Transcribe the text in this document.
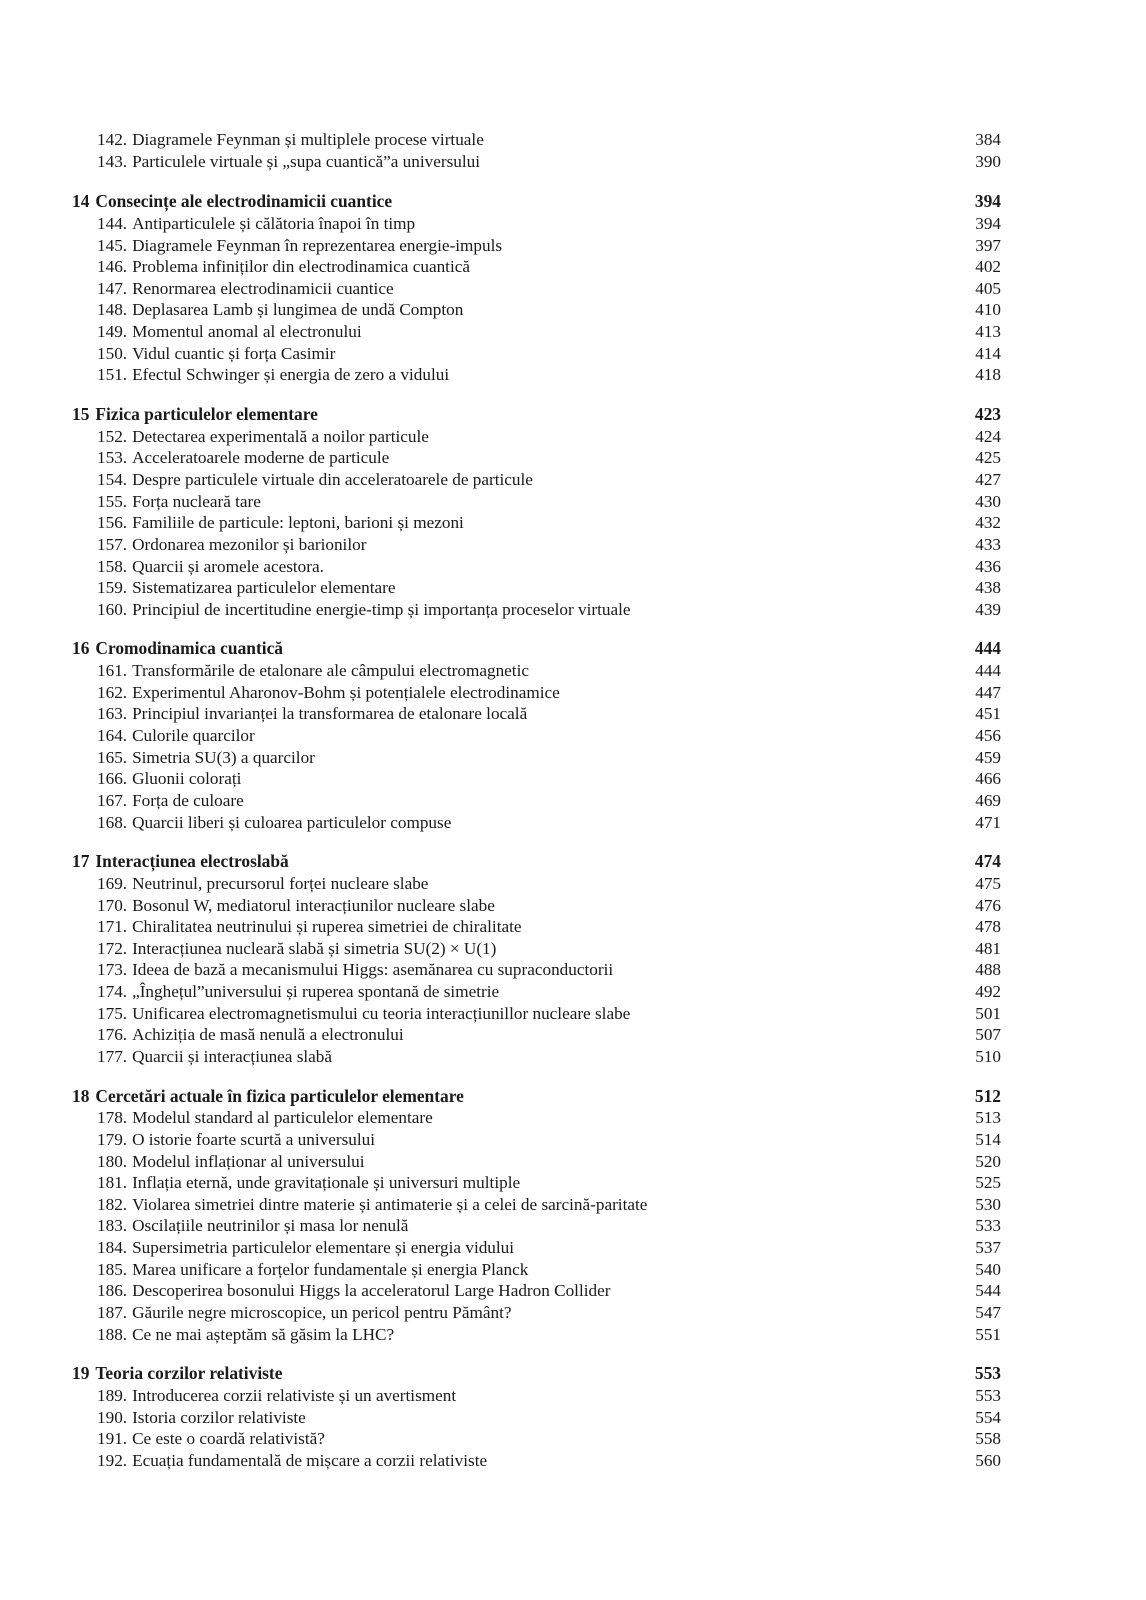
142. Diagramele Feynman și multiplele procese virtuale	384
143. Particulele virtuale și „supa cuantică”a universului	390
14 Consecințe ale electrodinamicii cuantice	394
144. Antiparticulele și călătoria înapoi în timp	394
145. Diagramele Feynman în reprezentarea energie-impuls	397
146. Problema infiniților din electrodinamica cuantică	402
147. Renormarea electrodinamicii cuantice	405
148. Deplasarea Lamb și lungimea de undă Compton	410
149. Momentul anomal al electronului	413
150. Vidul cuantic și forța Casimir	414
151. Efectul Schwinger și energia de zero a vidului	418
15 Fizica particulelor elementare	423
152. Detectarea experimentală a noilor particule	424
153. Acceleratoarele moderne de particule	425
154. Despre particulele virtuale din acceleratoarele de particule	427
155. Forța nucleară tare	430
156. Familiile de particule: leptoni, barioni și mezoni	432
157. Ordonarea mezonilor și barionilor	433
158. Quarcii și aromele acestora.	436
159. Sistematizarea particulelor elementare	438
160. Principiul de incertitudine energie-timp și importanța proceselor virtuale	439
16 Cromodinamica cuantică	444
161. Transformările de etalonare ale câmpului electromagnetic	444
162. Experimentul Aharonov-Bohm și potențialele electrodinamice	447
163. Principiul invarianței la transformarea de etalonare locală	451
164. Culorile quarcilor	456
165. Simetria SU(3) a quarcilor	459
166. Gluonii colorați	466
167. Forța de culoare	469
168. Quarcii liberi și culoarea particulelor compuse	471
17 Interacțiunea electroslabă	474
169. Neutrinul, precursorul forței nucleare slabe	475
170. Bosonul W, mediatorul interacțiunilor nucleare slabe	476
171. Chiralitatea neutrinului și ruperea simetriei de chiralitate	478
172. Interacțiunea nucleară slabă și simetria SU(2) × U(1)	481
173. Ideea de bază a mecanismului Higgs: asemănarea cu supraconductorii	488
174. „Înghețul”universului și ruperea spontană de simetrie	492
175. Unificarea electromagnetismului cu teoria interacțiunillor nucleare slabe	501
176. Achiziția de masă nenulă a electronului	507
177. Quarcii și interacțiunea slabă	510
18 Cercetări actuale în fizica particulelor elementare	512
178. Modelul standard al particulelor elementare	513
179. O istorie foarte scurtă a universului	514
180. Modelul inflaționar al universului	520
181. Inflația eternă, unde gravitaționale și universuri multiple	525
182. Violarea simetriei dintre materie și antimaterie și a celei de sarcină-paritate	530
183. Oscilațiile neutrinilor și masa lor nenulă	533
184. Supersimetria particulelor elementare și energia vidului	537
185. Marea unificare a forțelor fundamentale și energia Planck	540
186. Descoperirea bosonului Higgs la acceleratorul Large Hadron Collider	544
187. Găurile negre microscopice, un pericol pentru Pământ?	547
188. Ce ne mai așteptăm să găsim la LHC?	551
19 Teoria corzilor relativiste	553
189. Introducerea corzii relativiste și un avertisment	553
190. Istoria corzilor relativiste	554
191. Ce este o coardă relativistă?	558
192. Ecuația fundamentală de mișcare a corzii relativiste	560
